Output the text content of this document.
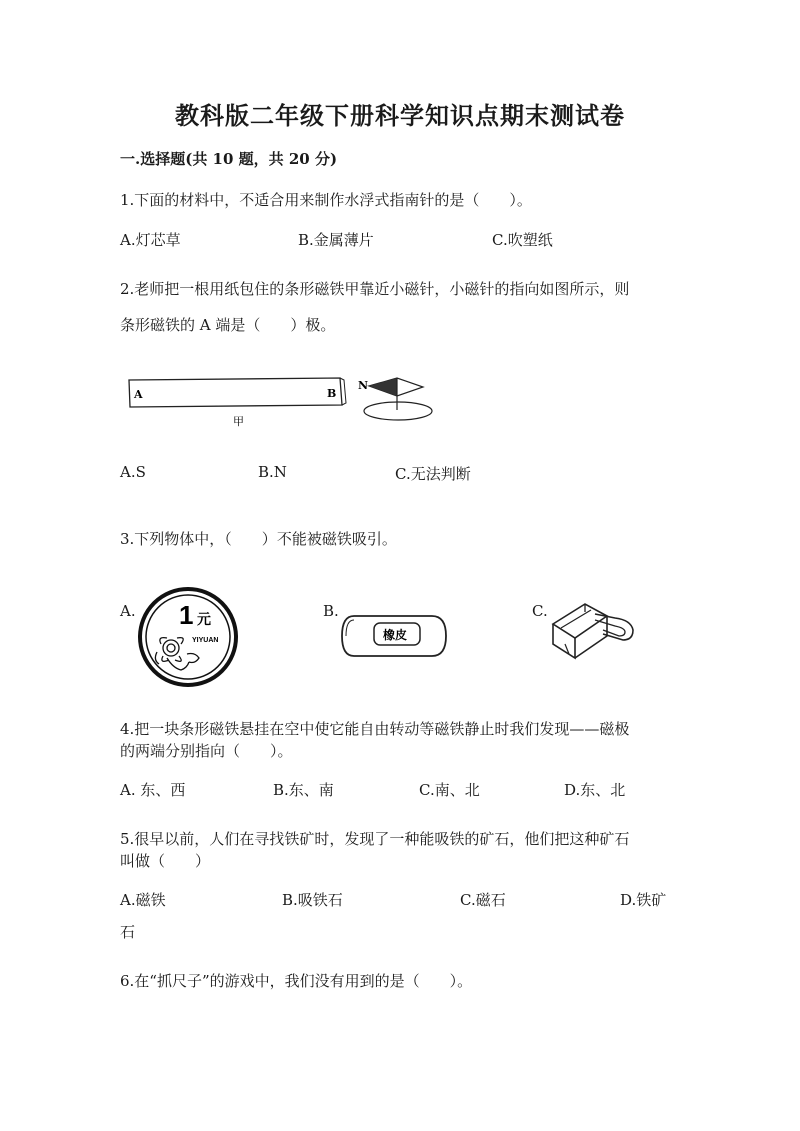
教科版二年级下册科学知识点期末测试卷
一.选择题(共 10 题，共 20 分)
1.下面的材料中，不适合用来制作水浮式指南针的是（　　）。
A.灯芯草	B.金属薄片	C.吹塑纸
2.老师把一根用纸包住的条形磁铁甲靠近小磁针，小磁针的指向如图所示，则
条形磁铁的 A 端是（　　）极。
A	B
甲
N
A.S	B.N	C.无法判断
3.下列物体中，（　　）不能被磁铁吸引。
A. 1 元
YIYUAN
B.
橡皮
C.
4.把一块条形磁铁悬挂在空中使它能自由转动等磁铁静止时我们发现——磁极
的两端分别指向（　　）。
A. 东、西	B.东、南	C.南、北	D.东、北
5.很早以前，人们在寻找铁矿时，发现了一种能吸铁的矿石，他们把这种矿石
叫做（　　）
A.磁铁	B.吸铁石	C.磁石	D.铁矿
石
6.在“抓尺子”的游戏中，我们没有用到的是（　　）。
